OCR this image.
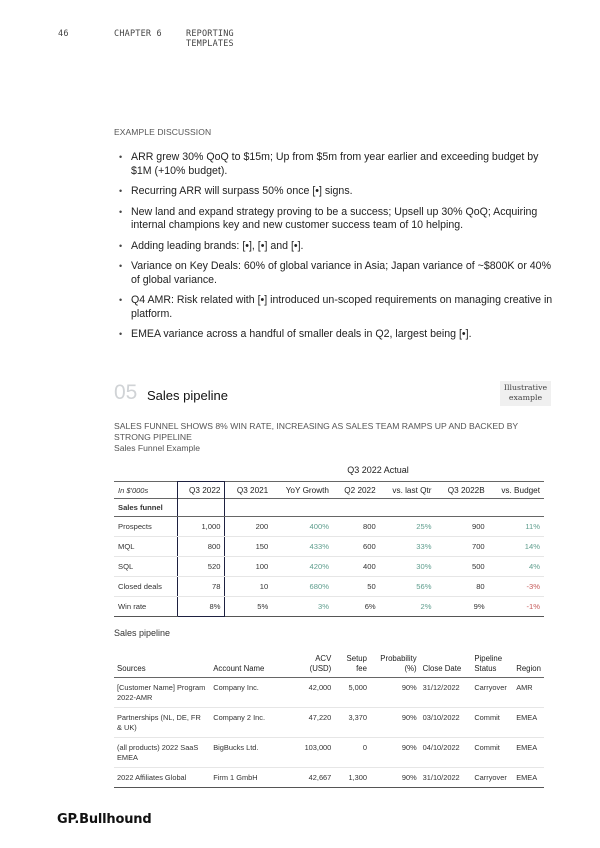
46	CHAPTER 6	REPORTING TEMPLATES
EXAMPLE DISCUSSION
• ARR grew 30% QoQ to $15m; Up from $5m from year earlier and exceeding budget by $1M (+10% budget).
• Recurring ARR will surpass 50% once [•] signs.
• New land and expand strategy proving to be a success; Upsell up 30% QoQ; Acquiring internal champions key and new customer success team of 10 helping.
• Adding leading brands: [•], [•] and [•].
• Variance on Key Deals: 60% of global variance in Asia; Japan variance of ~$800K or 40% of global variance.
• Q4 AMR: Risk related with [•] introduced un-scoped requirements on managing creative in platform.
• EMEA variance across a handful of smaller deals in Q2, largest being [•].
05 Sales pipeline
Illustrative example
SALES FUNNEL SHOWS 8% WIN RATE, INCREASING AS SALES TEAM RAMPS UP AND BACKED BY STRONG PIPELINE
Sales Funnel Example
Q3 2022 Actual
In $'000s	Q3 2022	Q3 2021	YoY Growth	Q2 2022	vs. last Qtr	Q3 2022B	vs. Budget
Sales funnel							
Prospects	1,000	200	400%	800	25%	900	11%
MQL	800	150	433%	600	33%	700	14%
SQL	520	100	420%	400	30%	500	4%
Closed deals	78	10	680%	50	56%	80	-3%
Win rate	8%	5%	3%	6%	2%	9%	-1%
Sales pipeline
Sources	Account Name	ACV (USD)	Setup fee	Probability (%)	Close Date	Pipeline Status	Region
[Customer Name] Program 2022-AMR	Company Inc.	42,000	5,000	90%	31/12/2022	Carryover	AMR
Partnerships (NL, DE, FR & UK)	Company 2 Inc.	47,220	3,370	90%	03/10/2022	Commit	EMEA
(all products) 2022 SaaS EMEA	BigBucks Ltd.	103,000	0	90%	04/10/2022	Commit	EMEA
2022 Affiliates Global	Firm 1 GmbH	42,667	1,300	90%	31/10/2022	Carryover	EMEA
GP.Bullhound
